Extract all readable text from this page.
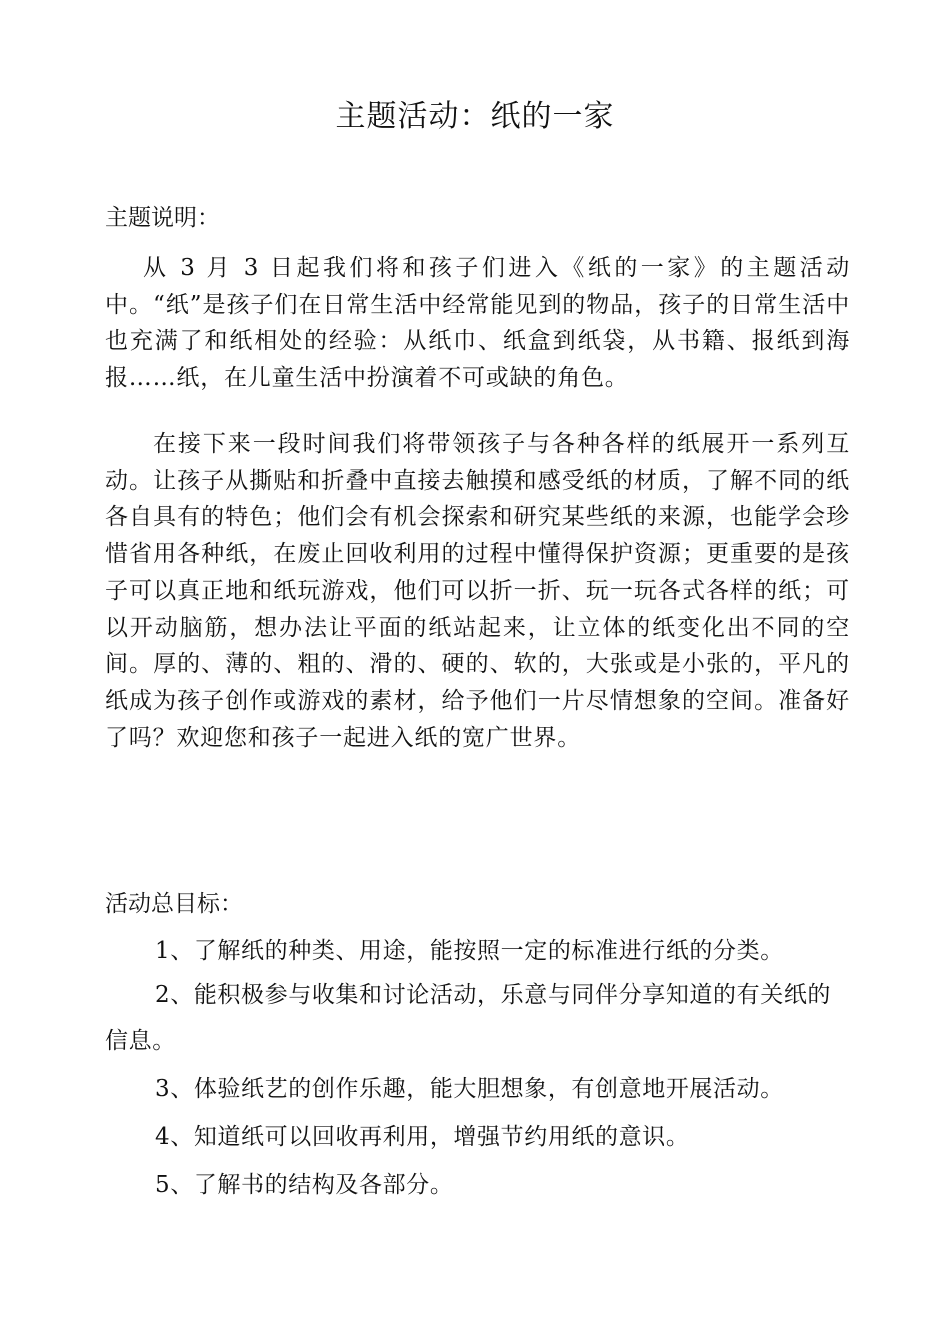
主题活动：纸的一家

主题说明：

从 3 月 3 日起我们将和孩子们进入《纸的一家》的主题活动中。“纸”是孩子们在日常生活中经常能见到的物品，孩子的日常生活中也充满了和纸相处的经验：从纸巾、纸盒到纸袋，从书籍、报纸到海报……纸，在儿童生活中扮演着不可或缺的角色。

在接下来一段时间我们将带领孩子与各种各样的纸展开一系列互动。让孩子从撕贴和折叠中直接去触摸和感受纸的材质，了解不同的纸各自具有的特色；他们会有机会探索和研究某些纸的来源，也能学会珍惜省用各种纸，在废止回收利用的过程中懂得保护资源；更重要的是孩子可以真正地和纸玩游戏，他们可以折一折、玩一玩各式各样的纸；可以开动脑筋，想办法让平面的纸站起来，让立体的纸变化出不同的空间。厚的、薄的、粗的、滑的、硬的、软的，大张或是小张的，平凡的纸成为孩子创作或游戏的素材，给予他们一片尽情想象的空间。准备好了吗？欢迎您和孩子一起进入纸的宽广世界。

活动总目标：

1、了解纸的种类、用途，能按照一定的标准进行纸的分类。
2、能积极参与收集和讨论活动，乐意与同伴分享知道的有关纸的信息。
3、体验纸艺的创作乐趣，能大胆想象，有创意地开展活动。
4、知道纸可以回收再利用，增强节约用纸的意识。
5、了解书的结构及各部分。
